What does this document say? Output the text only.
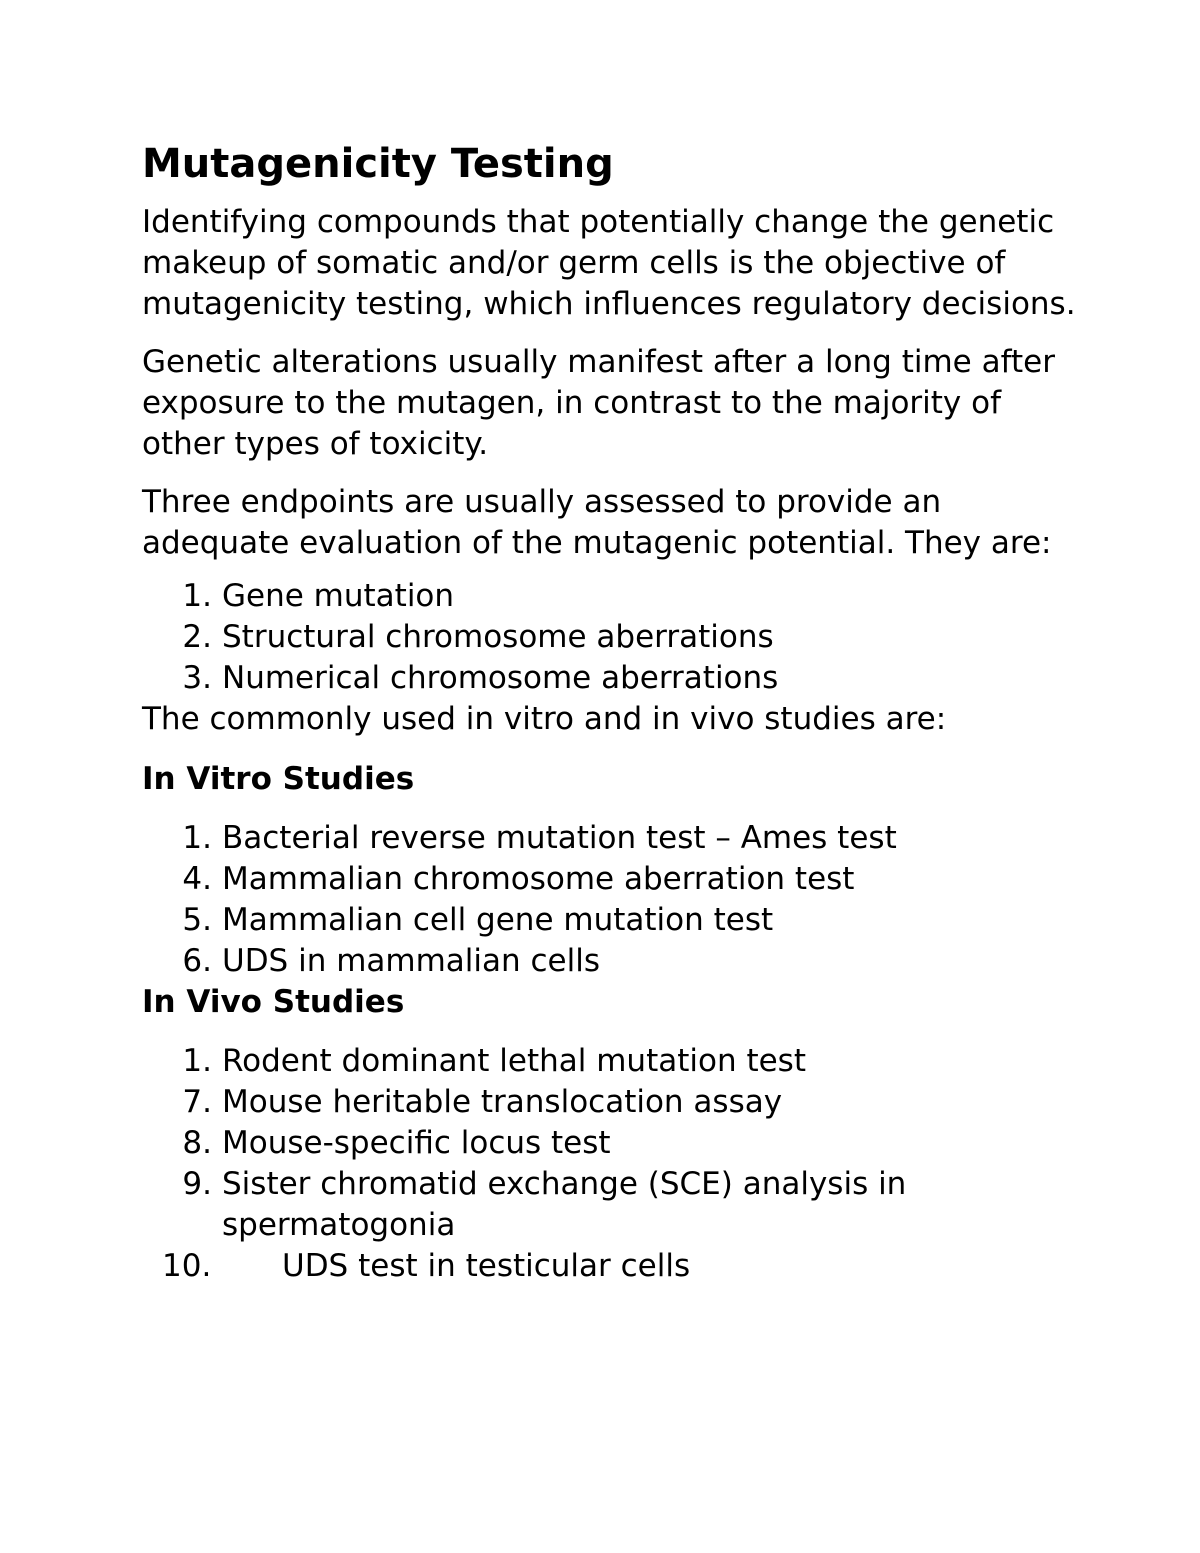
Mutagenicity Testing

Identifying compounds that potentially change the genetic makeup of somatic and/or germ cells is the objective of mutagenicity testing, which influences regulatory decisions.

Genetic alterations usually manifest after a long time after exposure to the mutagen, in contrast to the majority of other types of toxicity.

Three endpoints are usually assessed to provide an adequate evaluation of the mutagenic potential. They are:

1. Gene mutation
2. Structural chromosome aberrations
3. Numerical chromosome aberrations

The commonly used in vitro and in vivo studies are:

In Vitro Studies
1. Bacterial reverse mutation test – Ames test
4. Mammalian chromosome aberration test
5. Mammalian cell gene mutation test
6. UDS in mammalian cells
In Vivo Studies
1. Rodent dominant lethal mutation test
7. Mouse heritable translocation assay
8. Mouse-specific locus test
9. Sister chromatid exchange (SCE) analysis in spermatogonia
10. UDS test in testicular cells
